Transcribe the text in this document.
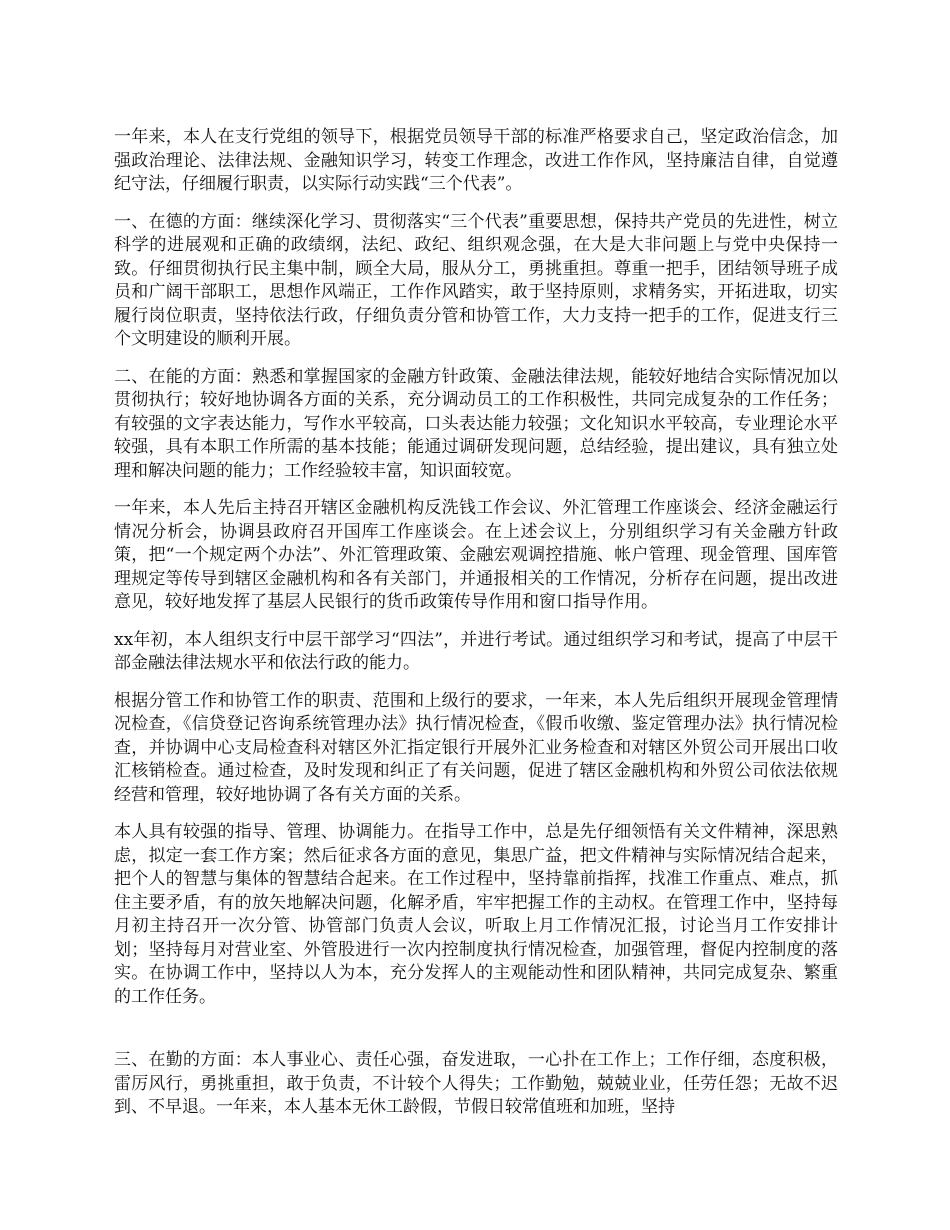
一年来，本人在支行党组的领导下，根据党员领导干部的标准严格要求自己，坚定政治信念，加强政治理论、法律法规、金融知识学习，转变工作理念，改进工作作风，坚持廉洁自律，自觉遵纪守法，仔细履行职责，以实际行动实践“三个代表”。

一、在德的方面：继续深化学习、贯彻落实“三个代表”重要思想，保持共产党员的先进性，树立科学的进展观和正确的政绩纲，法纪、政纪、组织观念强，在大是大非问题上与党中央保持一致。仔细贯彻执行民主集中制，顾全大局，服从分工，勇挑重担。尊重一把手，团结领导班子成员和广阔干部职工，思想作风端正，工作作风踏实，敢于坚持原则，求精务实，开拓进取，切实履行岗位职责，坚持依法行政，仔细负责分管和协管工作，大力支持一把手的工作，促进支行三个文明建设的顺利开展。

二、在能的方面：熟悉和掌握国家的金融方针政策、金融法律法规，能较好地结合实际情况加以贯彻执行；较好地协调各方面的关系，充分调动员工的工作积极性，共同完成复杂的工作任务；有较强的文字表达能力，写作水平较高，口头表达能力较强；文化知识水平较高，专业理论水平较强，具有本职工作所需的基本技能；能通过调研发现问题，总结经验，提出建议，具有独立处理和解决问题的能力；工作经验较丰富，知识面较宽。

一年来，本人先后主持召开辖区金融机构反洗钱工作会议、外汇管理工作座谈会、经济金融运行情况分析会，协调县政府召开国库工作座谈会。在上述会议上，分别组织学习有关金融方针政策，把“一个规定两个办法”、外汇管理政策、金融宏观调控措施、帐户管理、现金管理、国库管理规定等传导到辖区金融机构和各有关部门，并通报相关的工作情况，分析存在问题，提出改进意见，较好地发挥了基层人民银行的货币政策传导作用和窗口指导作用。

xx年初，本人组织支行中层干部学习“四法”，并进行考试。通过组织学习和考试，提高了中层干部金融法律法规水平和依法行政的能力。

根据分管工作和协管工作的职责、范围和上级行的要求，一年来，本人先后组织开展现金管理情况检查，《信贷登记咨询系统管理办法》执行情况检查，《假币收缴、鉴定管理办法》执行情况检查，并协调中心支局检查科对辖区外汇指定银行开展外汇业务检查和对辖区外贸公司开展出口收汇核销检查。通过检查，及时发现和纠正了有关问题，促进了辖区金融机构和外贸公司依法依规经营和管理，较好地协调了各有关方面的关系。

本人具有较强的指导、管理、协调能力。在指导工作中，总是先仔细领悟有关文件精神，深思熟虑，拟定一套工作方案；然后征求各方面的意见，集思广益，把文件精神与实际情况结合起来，把个人的智慧与集体的智慧结合起来。在工作过程中，坚持靠前指挥，找准工作重点、难点，抓住主要矛盾，有的放矢地解决问题，化解矛盾，牢牢把握工作的主动权。在管理工作中，坚持每月初主持召开一次分管、协管部门负责人会议，听取上月工作情况汇报，讨论当月工作安排计划；坚持每月对营业室、外管股进行一次内控制度执行情况检查，加强管理，督促内控制度的落实。在协调工作中，坚持以人为本，充分发挥人的主观能动性和团队精神，共同完成复杂、繁重的工作任务。

三、在勤的方面：本人事业心、责任心强，奋发进取，一心扑在工作上；工作仔细，态度积极，雷厉风行，勇挑重担，敢于负责，不计较个人得失；工作勤勉，兢兢业业，任劳任怨；无故不迟到、不早退。一年来，本人基本无休工龄假，节假日较常值班和加班，坚持
